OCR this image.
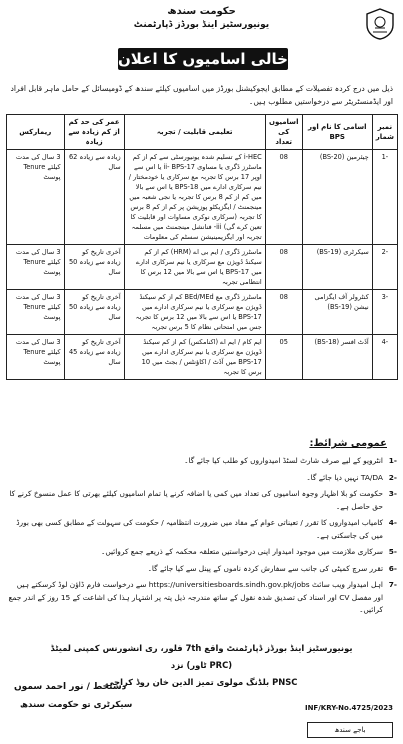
حکومت سندھ
یونیورسٹیز اینڈ بورڈز ڈپارٹمنٹ
خالی اسامیوں کا اعلان
ذیل میں درج کردہ تفصیلات کے مطابق ایجوکیشنل بورڈز میں اسامیوں کیلئے سندھ کے ڈومیسائل کے حامل ماہر قابل افراد اور ایڈمنسٹریٹر سے درخواستیں مطلوب ہیں۔
نمبر شمار	اسامی کا نام اور BPS	اسامیوں کی تعداد	تعلیمی قابلیت / تجربہ	عمر کی حد کم از کم زیادہ سے زیادہ	ریمارکس
-1	چیئرمین (BS-20)	08	i-HEC کے تسلیم شدہ یونیورسٹی سے کم از کم ماسٹرز ڈگری یا مساوی ii- BPS-17 یا اس سے اوپر 17 برس کا تجربہ مع سرکاری یا خودمختار / نیم سرکاری ادارے میں BPS-18 یا اس سے بالا میں کم از کم 8 برس کا تجربہ یا نجی شعبہ میں مینجمنٹ / ایگزیکٹو پوزیشن پر کم از کم 8 برس کا تجربہ (سرکاری نوکری مساوات اور قابلیت کا تعین کرے گی) iii- فنانشل مینجمنٹ میں مسلمہ تجربہ اور ایگزیمینیشن سسٹم کی معلومات	زیادہ سے زیادہ 62 سال	3 سال کی مدت کیلئے Tenure پوسٹ
-2	سیکرٹری (BS-19)	08	ماسٹرز ڈگری / ایم بی اے (HRM) کم از کم سیکنڈ ڈویژن مع سرکاری یا نیم سرکاری ادارے میں BPS-17 یا اس سے بالا میں 12 برس کا انتظامی تجربہ	آخری تاریخ کو زیادہ سے زیادہ 50 سال	3 سال کی مدت کیلئے Tenure پوسٹ
-3	کنٹرولر آف ایگزامی نیشن (BS-19)	08	ماسٹرز ڈگری مع BEd/MEd کم از کم سیکنڈ ڈویژن مع سرکاری یا نیم سرکاری ادارے میں BPS-17 یا اس سے بالا میں 12 برس کا تجربہ جس میں امتحانی نظام کا 5 برس تجربہ	آخری تاریخ کو زیادہ سے زیادہ 50 سال	3 سال کی مدت کیلئے Tenure پوسٹ
-4	آڈٹ افسر (BS-18)	05	ایم کام / ایم اے (اکنامکس) کم از کم سیکنڈ ڈویژن مع سرکاری یا نیم سرکاری ادارے میں BPS-17 میں آڈٹ / اکاؤنٹس / بجٹ میں 10 برس کا تجربہ	آخری تاریخ کو زیادہ سے زیادہ 45 سال	3 سال کی مدت کیلئے Tenure پوسٹ
عمومی شرائط:
-1
انٹرویو کے لیے صرف شارٹ لسٹڈ امیدواروں کو طلب کیا جائے گا۔
-2
TA/DA نہیں دیا جائے گا۔
-3
حکومت کو بلا اظہار وجوہ اسامیوں کی تعداد میں کمی یا اضافہ کرنے یا تمام اسامیوں کیلئے بھرتی کا عمل منسوخ کرنے کا حق حاصل ہے۔
-4
کامیاب امیدواروں کا تقرر / تعیناتی عوام کے مفاد میں ضرورت انتظامیہ / حکومت کی سہولت کے مطابق کسی بھی بورڈ میں کی جاسکتی ہے۔
-5
سرکاری ملازمت میں موجود امیدوار اپنی درخواستیں متعلقہ محکمہ کے ذریعے جمع کروائیں۔
-6
تقرر سرچ کمیٹی کی جانب سے سفارش کردہ ناموں کے پینل سے کیا جائے گا۔
-7
اہل امیدوار ویب سائٹ https://universitiesboards.sindh.gov.pk/jobs سے درخواست فارم ڈاؤن لوڈ کرسکتے ہیں اور مفصل CV اور اسناد کی تصدیق شدہ نقول کے ساتھ مندرجہ ذیل پتہ پر اشتہار ہذا کی اشاعت کے 15 روز کے اندر جمع کرائیں۔
یونیورسٹیز اینڈ بورڈز ڈپارٹمنٹ واقع 7th فلور، ری انشورنس کمپنی لمیٹڈ (PRC ٹاور) نزد
PNSC بلڈنگ مولوی تمیز الدین خان روڈ کراچی
دستخط / نور احمد سموں
سیکرٹری تو حکومت سندھ	INF/KRY-No.4725/2023
باجے سندھ
